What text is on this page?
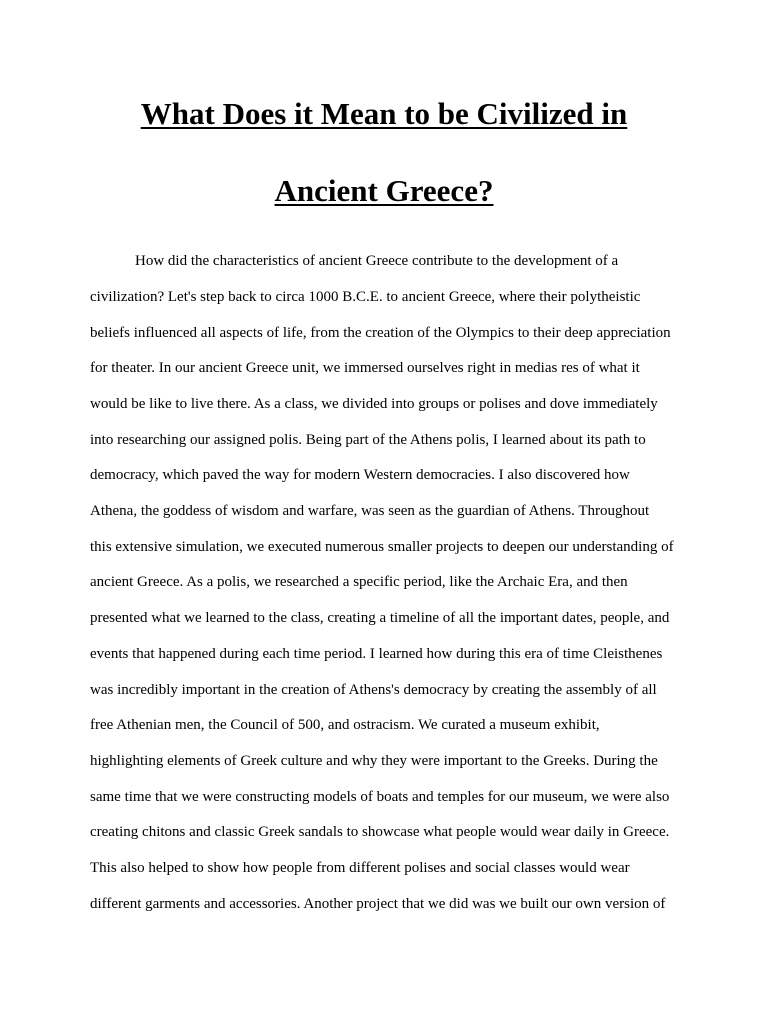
What Does it Mean to be Civilized in
Ancient Greece?
How did the characteristics of ancient Greece contribute to the development of a
civilization? Let's step back to circa 1000 B.C.E. to ancient Greece, where their polytheistic
beliefs influenced all aspects of life, from the creation of the Olympics to their deep appreciation
for theater. In our ancient Greece unit, we immersed ourselves right in medias res of what it
would be like to live there. As a class, we divided into groups or polises and dove immediately
into researching our assigned polis. Being part of the Athens polis, I learned about its path to
democracy, which paved the way for modern Western democracies. I also discovered how
Athena, the goddess of wisdom and warfare, was seen as the guardian of Athens. Throughout
this extensive simulation, we executed numerous smaller projects to deepen our understanding of
ancient Greece. As a polis, we researched a specific period, like the Archaic Era, and then
presented what we learned to the class, creating a timeline of all the important dates, people, and
events that happened during each time period. I learned how during this era of time Cleisthenes
was incredibly important in the creation of Athens's democracy by creating the assembly of all
free Athenian men, the Council of 500, and ostracism. We curated a museum exhibit,
highlighting elements of Greek culture and why they were important to the Greeks. During the
same time that we were constructing models of boats and temples for our museum, we were also
creating chitons and classic Greek sandals to showcase what people would wear daily in Greece.
This also helped to show how people from different polises and social classes would wear
different garments and accessories. Another project that we did was we built our own version of
